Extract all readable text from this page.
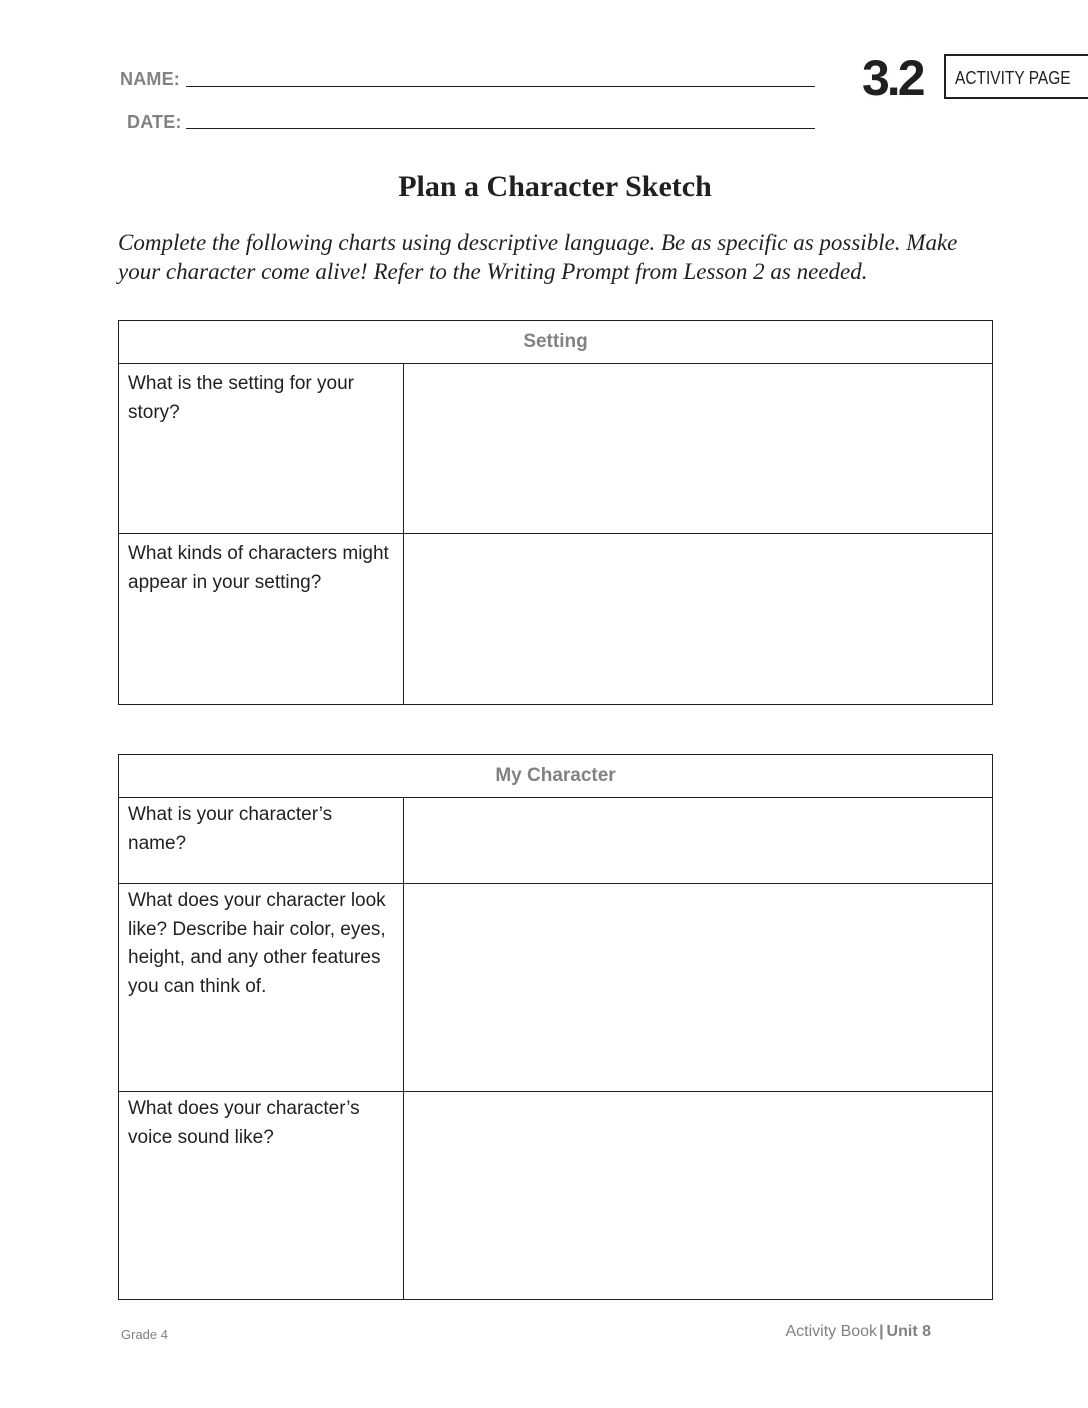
NAME:
DATE:
3.2	ACTIVITY PAGE
Plan a Character Sketch
Complete the following charts using descriptive language. Be as specific as possible. Make your character come alive! Refer to the Writing Prompt from Lesson 2 as needed.
Setting	

What is the setting for your story?	

What kinds of characters might appear in your setting?	

My Character	

What is your character’s name?	

What does your character look like? Describe hair color, eyes, height, and any other features you can think of.	

What does your character’s voice sound like?	

Grade 4	Activity Book | Unit 8
